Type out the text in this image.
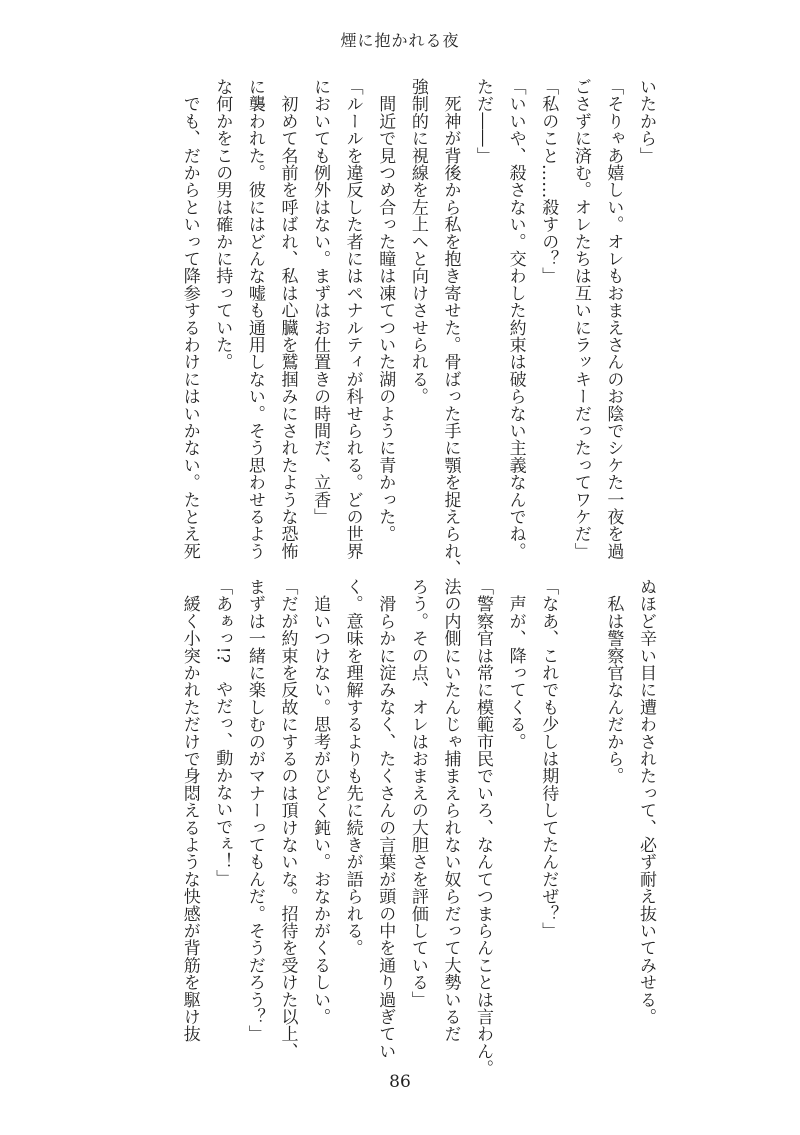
煙に抱かれる夜
いたから」
「そりゃあ嬉しい。オレもおまえさんのお陰でシケた一夜を過
ごさずに済む。オレたちは互いにラッキーだったってワケだ」
「私のこと……殺すの？」
「いいや、殺さない。交わした約束は破らない主義なんでね。
ただ――」
　死神が背後から私を抱き寄せた。骨ばった手に顎を捉えられ、
強制的に視線を左上へと向けさせられる。
　間近で見つめ合った瞳は凍てついた湖のように青かった。
「ルールを違反した者にはペナルティが科せられる。どの世界
においても例外はない。まずはお仕置きの時間だ、立香」
　初めて名前を呼ばれ、私は心臓を鷲掴みにされたような恐怖
に襲われた。彼にはどんな嘘も通用しない。そう思わせるよう
な何かをこの男は確かに持っていた。
　でも、だからといって降参するわけにはいかない。たとえ死
ぬほど辛い目に遭わされたって、必ず耐え抜いてみせる。
　私は警察官なんだから。
「なあ、これでも少しは期待してたんだぜ？」
　声が、降ってくる。
「警察官は常に模範市民でいろ、なんてつまらんことは言わん。
法の内側にいたんじゃ捕まえられない奴らだって大勢いるだ
ろう。その点、オレはおまえの大胆さを評価している」
　滑らかに淀みなく、たくさんの言葉が頭の中を通り過ぎてい
く。意味を理解するよりも先に続きが語られる。
　追いつけない。思考がひどく鈍い。おなかがくるしい。
「だが約束を反故にするのは頂けないな。招待を受けた以上、
まずは一緒に楽しむのがマナーってもんだ。そうだろう？」
「あぁっ!?　やだっ、動かないでぇ！」
　緩く小突かれただけで身悶えるような快感が背筋を駆け抜
86
